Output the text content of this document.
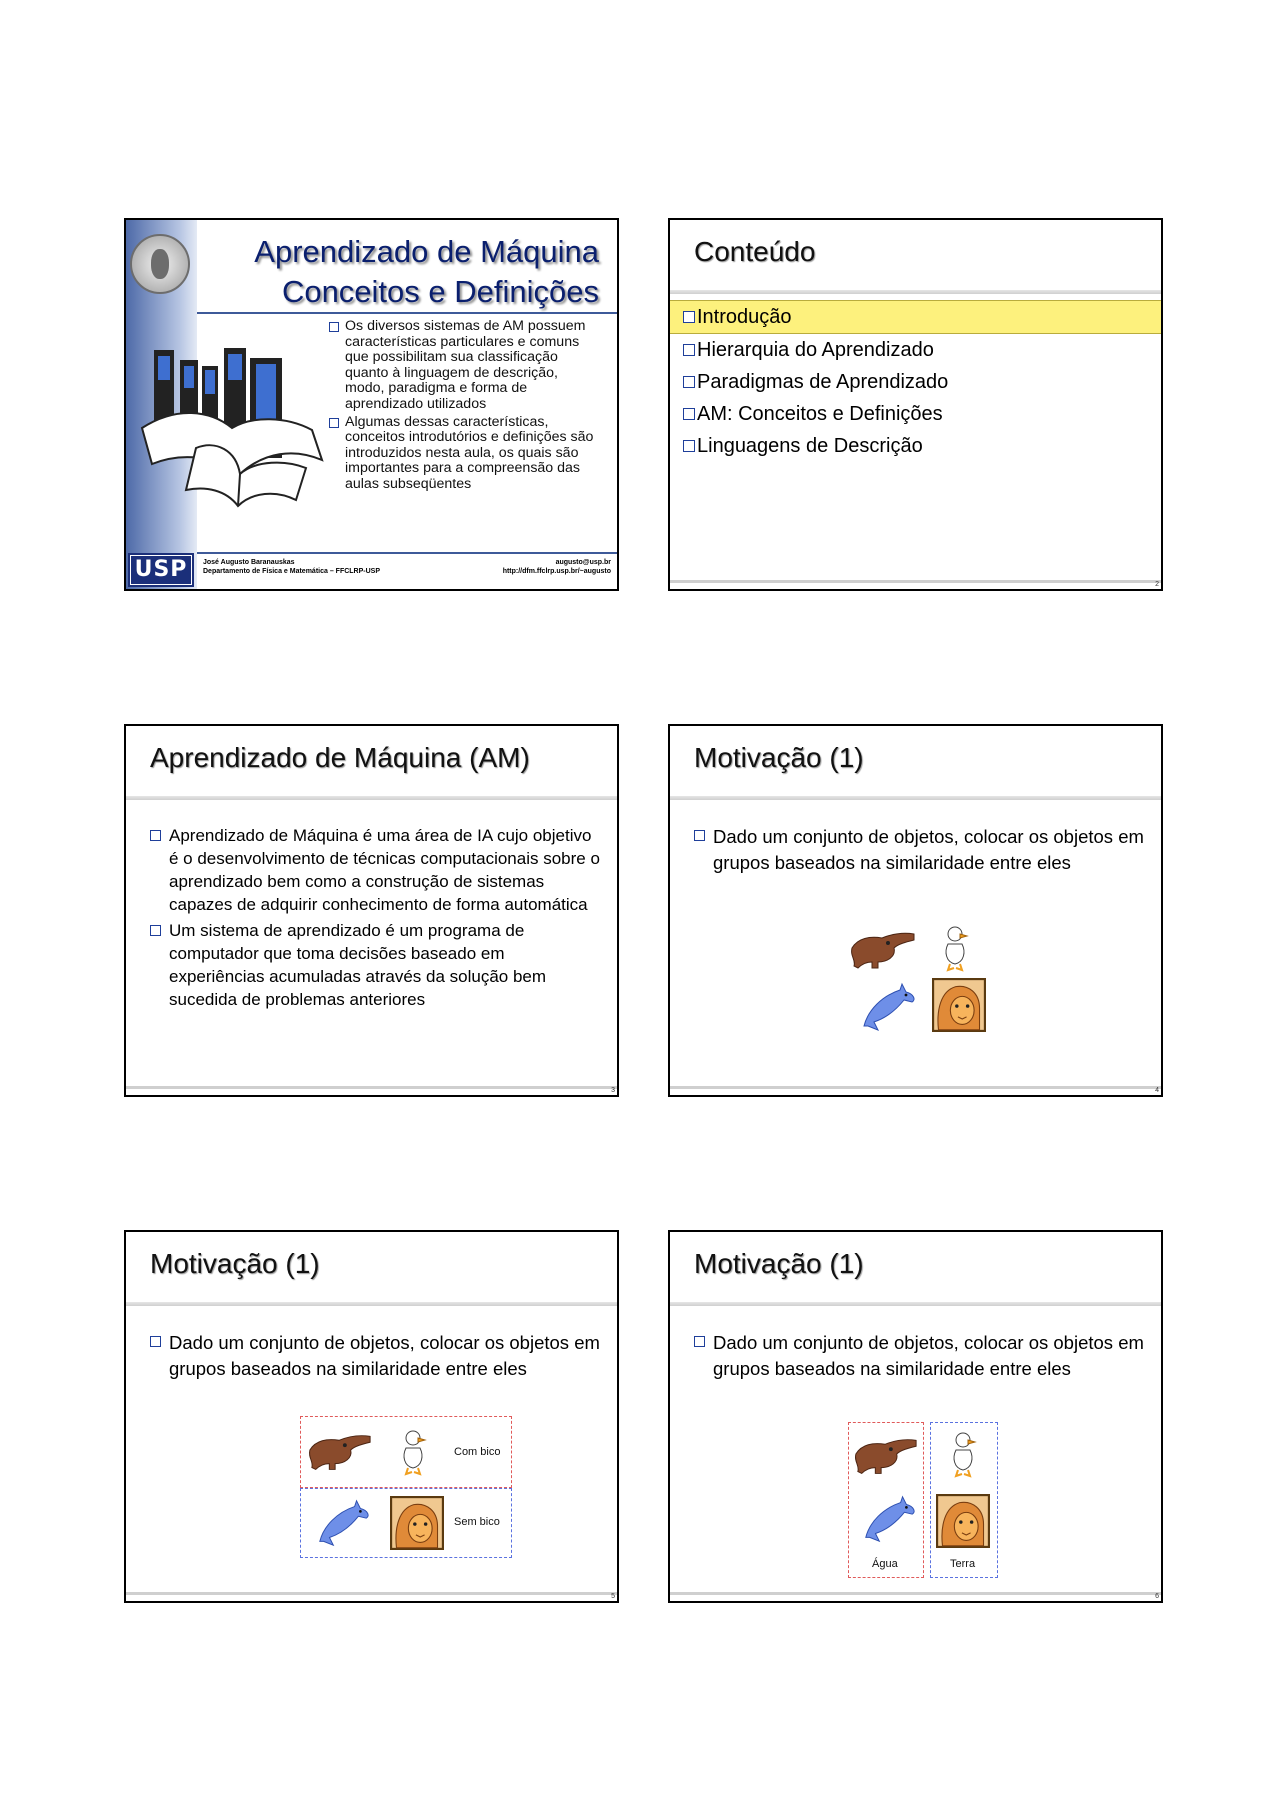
USP
Aprendizado de Máquina
Conceitos e Definições
Os diversos sistemas de AM possuem características particulares e comuns que possibilitam sua classificação quanto à linguagem de descrição, modo, paradigma e forma de aprendizado utilizados
Algumas dessas características, conceitos introdutórios e definições são introduzidos nesta aula, os quais são importantes para a compreensão das aulas subseqüentes
José Augusto Baranauskas
Departamento de Física e Matemática – FFCLRP-USP
augusto@usp.br
http://dfm.ffclrp.usp.br/~augusto
Conteúdo
Introdução
Hierarquia do Aprendizado
Paradigmas de Aprendizado
AM: Conceitos e Definições
Linguagens de Descrição
2
Aprendizado de Máquina (AM)
Aprendizado de Máquina é uma área de IA cujo objetivo é o desenvolvimento de técnicas computacionais sobre o aprendizado bem como a construção de sistemas capazes de adquirir conhecimento de forma automática
Um sistema de aprendizado é um programa de computador que toma decisões baseado em experiências acumuladas através da solução bem sucedida de problemas anteriores
3
Motivação (1)
Dado um conjunto de objetos, colocar os objetos em grupos baseados na similaridade entre eles
4
Motivação (1)
Dado um conjunto de objetos, colocar os objetos em grupos baseados na similaridade entre eles
Com bico
Sem bico
5
Motivação (1)
Dado um conjunto de objetos, colocar os objetos em grupos baseados na similaridade entre eles
Água	Terra
6
